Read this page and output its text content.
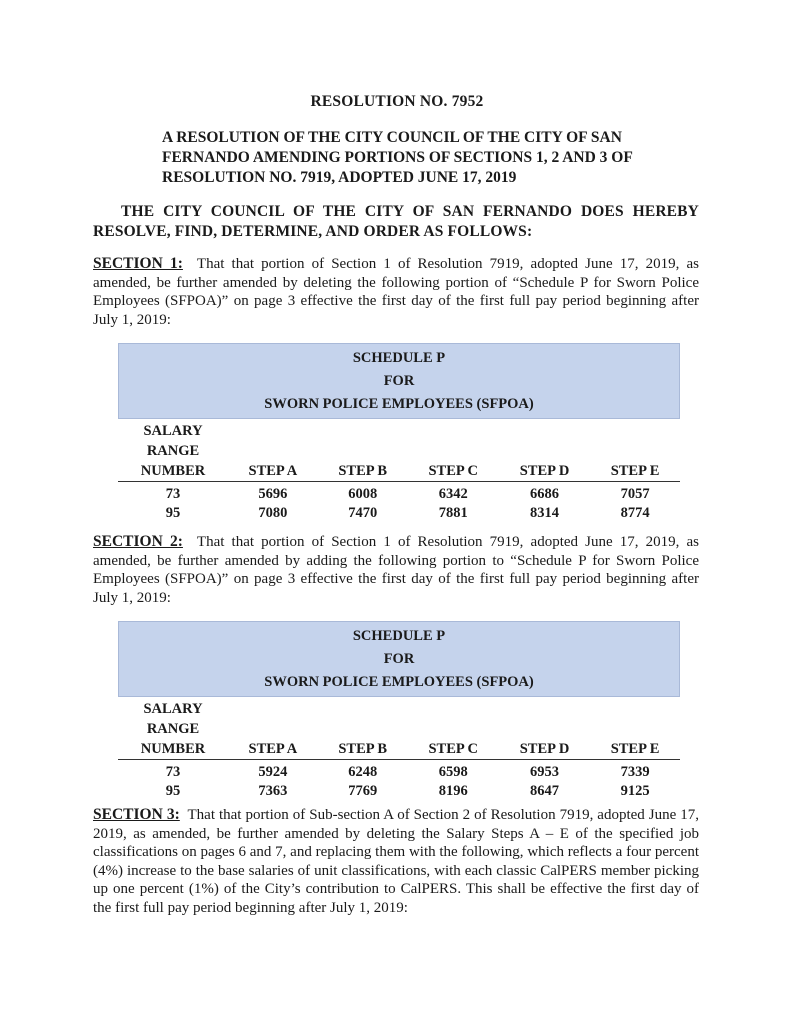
RESOLUTION NO. 7952
A RESOLUTION OF THE CITY COUNCIL OF THE CITY OF SAN FERNANDO AMENDING PORTIONS OF SECTIONS 1, 2 AND 3 OF RESOLUTION NO. 7919, ADOPTED JUNE 17, 2019
THE CITY COUNCIL OF THE CITY OF SAN FERNANDO DOES HEREBY RESOLVE, FIND, DETERMINE, AND ORDER AS FOLLOWS:
SECTION 1: That that portion of Section 1 of Resolution 7919, adopted June 17, 2019, as amended, be further amended by deleting the following portion of “Schedule P for Sworn Police Employees (SFPOA)” on page 3 effective the first day of the first full pay period beginning after July 1, 2019:
SCHEDULE P
FOR
SWORN POLICE EMPLOYEES (SFPOA)
SALARY
RANGE
NUMBER	STEP A	STEP B	STEP C	STEP D	STEP E
73	5696	6008	6342	6686	7057
95	7080	7470	7881	8314	8774
SECTION 2: That that portion of Section 1 of Resolution 7919, adopted June 17, 2019, as amended, be further amended by adding the following portion to “Schedule P for Sworn Police Employees (SFPOA)” on page 3 effective the first day of the first full pay period beginning after July 1, 2019:
SCHEDULE P
FOR
SWORN POLICE EMPLOYEES (SFPOA)
SALARY
RANGE
NUMBER	STEP A	STEP B	STEP C	STEP D	STEP E
73	5924	6248	6598	6953	7339
95	7363	7769	8196	8647	9125
SECTION 3: That that portion of Sub-section A of Section 2 of Resolution 7919, adopted June 17, 2019, as amended, be further amended by deleting the Salary Steps A – E of the specified job classifications on pages 6 and 7, and replacing them with the following, which reflects a four percent (4%) increase to the base salaries of unit classifications, with each classic CalPERS member picking up one percent (1%) of the City’s contribution to CalPERS. This shall be effective the first day of the first full pay period beginning after July 1, 2019:
